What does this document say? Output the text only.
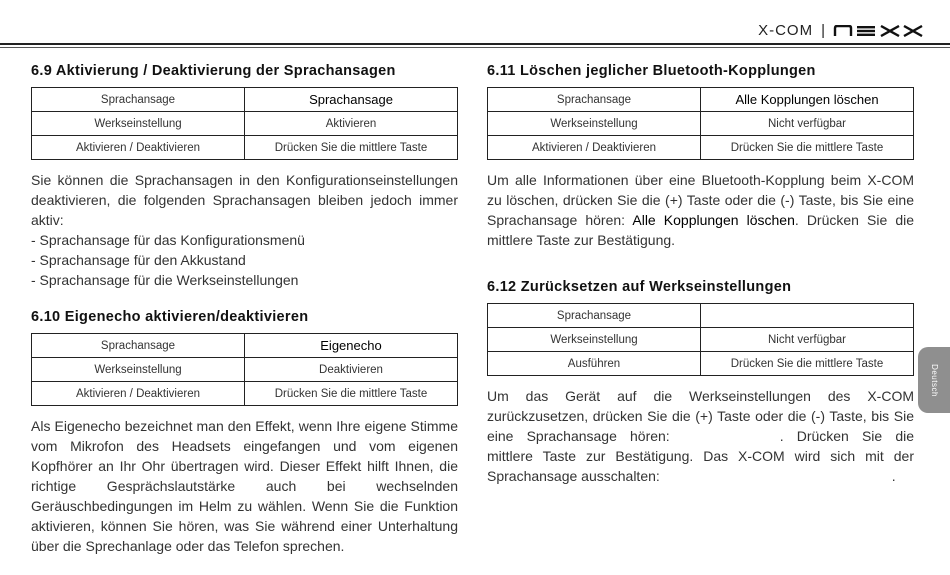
X-COM |
6.9 Aktivierung / Deaktivierung der Sprachansagen
Sprachansage	Sprachansage
Werkseinstellung	Aktivieren
Aktivieren / Deaktivieren	Drücken Sie die mittlere Taste

Sie können die Sprachansagen in den Konfigurationseinstellungen deaktivieren, die folgenden Sprachansagen bleiben jedoch immer aktiv:

- Sprachansage für das Konfigurationsmenü
- Sprachansage für den Akkustand
- Sprachansage für die Werkseinstellungen
6.10 Eigenecho aktivieren/deaktivieren
Sprachansage	Eigenecho
Werkseinstellung	Deaktivieren
Aktivieren / Deaktivieren	Drücken Sie die mittlere Taste

Als Eigenecho bezeichnet man den Effekt, wenn Ihre eigene Stimme vom Mikrofon des Headsets eingefangen und vom eigenen Kopfhörer an Ihr Ohr übertragen wird. Dieser Effekt hilft Ihnen, die richtige Gesprächslautstärke auch bei wechselnden Geräuschbedingungen im Helm zu wählen. Wenn Sie die Funktion aktivieren, können Sie hören, was Sie während einer Unterhaltung über die Sprechanlage oder das Telefon sprechen.

6.11 Löschen jeglicher Bluetooth-Kopplungen
Sprachansage	Alle Kopplungen löschen
Werkseinstellung	Nicht verfügbar
Aktivieren / Deaktivieren	Drücken Sie die mittlere Taste

Um alle Informationen über eine Bluetooth-Kopplung beim X-COM zu löschen, drücken Sie die (+) Taste oder die (-) Taste, bis Sie eine Sprachansage hören: Alle Kopplungen löschen. Drücken Sie die mittlere Taste zur Bestätigung.

6.12 Zurücksetzen auf Werkseinstellungen
Sprachansage	
Werkseinstellung	Nicht verfügbar
Ausführen	Drücken Sie die mittlere Taste

Um das Gerät auf die Werkseinstellungen des X-COM zurückzusetzen, drücken Sie die (+) Taste oder die (-) Taste, bis Sie eine Sprachansage hören:	. Drücken Sie die mittlere Taste zur Bestätigung. Das X-COM wird sich mit der Sprachansage ausschalten:	.

Deutsch
